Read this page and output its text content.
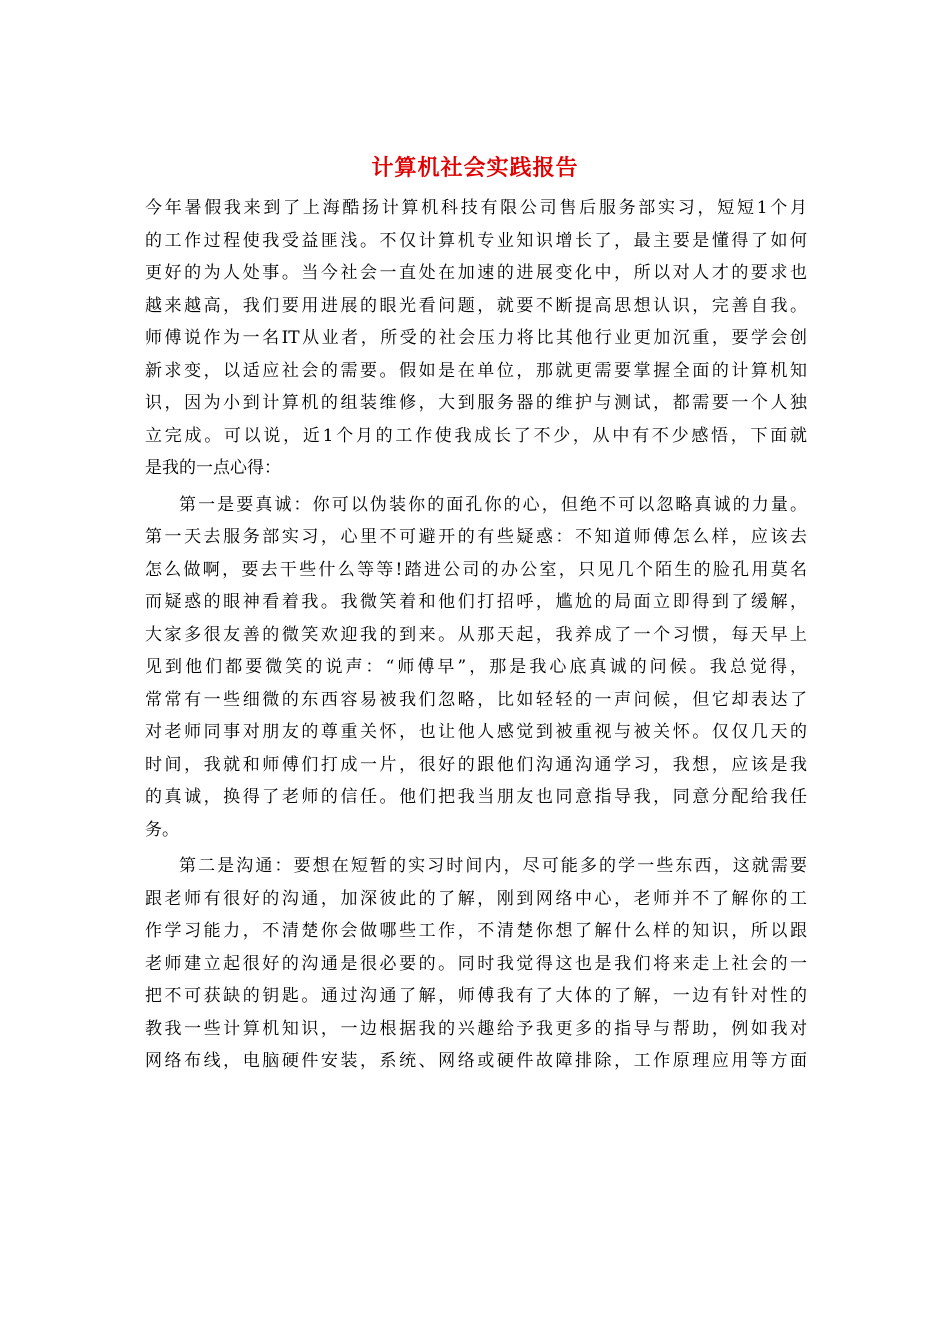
计算机社会实践报告
今年暑假我来到了上海酷扬计算机科技有限公司售后服务部实习，短短1个月
的工作过程使我受益匪浅。不仅计算机专业知识增长了，最主要是懂得了如何
更好的为人处事。当今社会一直处在加速的进展变化中，所以对人才的要求也
越来越高，我们要用进展的眼光看问题，就要不断提高思想认识，完善自我。
师傅说作为一名IT从业者，所受的社会压力将比其他行业更加沉重，要学会创
新求变，以适应社会的需要。假如是在单位，那就更需要掌握全面的计算机知
识，因为小到计算机的组装维修，大到服务器的维护与测试，都需要一个人独
立完成。可以说，近1个月的工作使我成长了不少，从中有不少感悟，下面就
是我的一点心得：
第一是要真诚：你可以伪装你的面孔你的心，但绝不可以忽略真诚的力量。
第一天去服务部实习，心里不可避开的有些疑惑：不知道师傅怎么样，应该去
怎么做啊，要去干些什么等等!踏进公司的办公室，只见几个陌生的脸孔用莫名
而疑惑的眼神看着我。我微笑着和他们打招呼，尴尬的局面立即得到了缓解，
大家多很友善的微笑欢迎我的到来。从那天起，我养成了一个习惯，每天早上
见到他们都要微笑的说声：“师傅早”，那是我心底真诚的问候。我总觉得，
常常有一些细微的东西容易被我们忽略，比如轻轻的一声问候，但它却表达了
对老师同事对朋友的尊重关怀，也让他人感觉到被重视与被关怀。仅仅几天的
时间，我就和师傅们打成一片，很好的跟他们沟通沟通学习，我想，应该是我
的真诚，换得了老师的信任。他们把我当朋友也同意指导我，同意分配给我任
务。
第二是沟通：要想在短暂的实习时间内，尽可能多的学一些东西，这就需要
跟老师有很好的沟通，加深彼此的了解，刚到网络中心，老师并不了解你的工
作学习能力，不清楚你会做哪些工作，不清楚你想了解什么样的知识，所以跟
老师建立起很好的沟通是很必要的。同时我觉得这也是我们将来走上社会的一
把不可获缺的钥匙。通过沟通了解，师傅我有了大体的了解，一边有针对性的
教我一些计算机知识，一边根据我的兴趣给予我更多的指导与帮助，例如我对
网络布线，电脑硬件安装，系统、网络或硬件故障排除，工作原理应用等方面
